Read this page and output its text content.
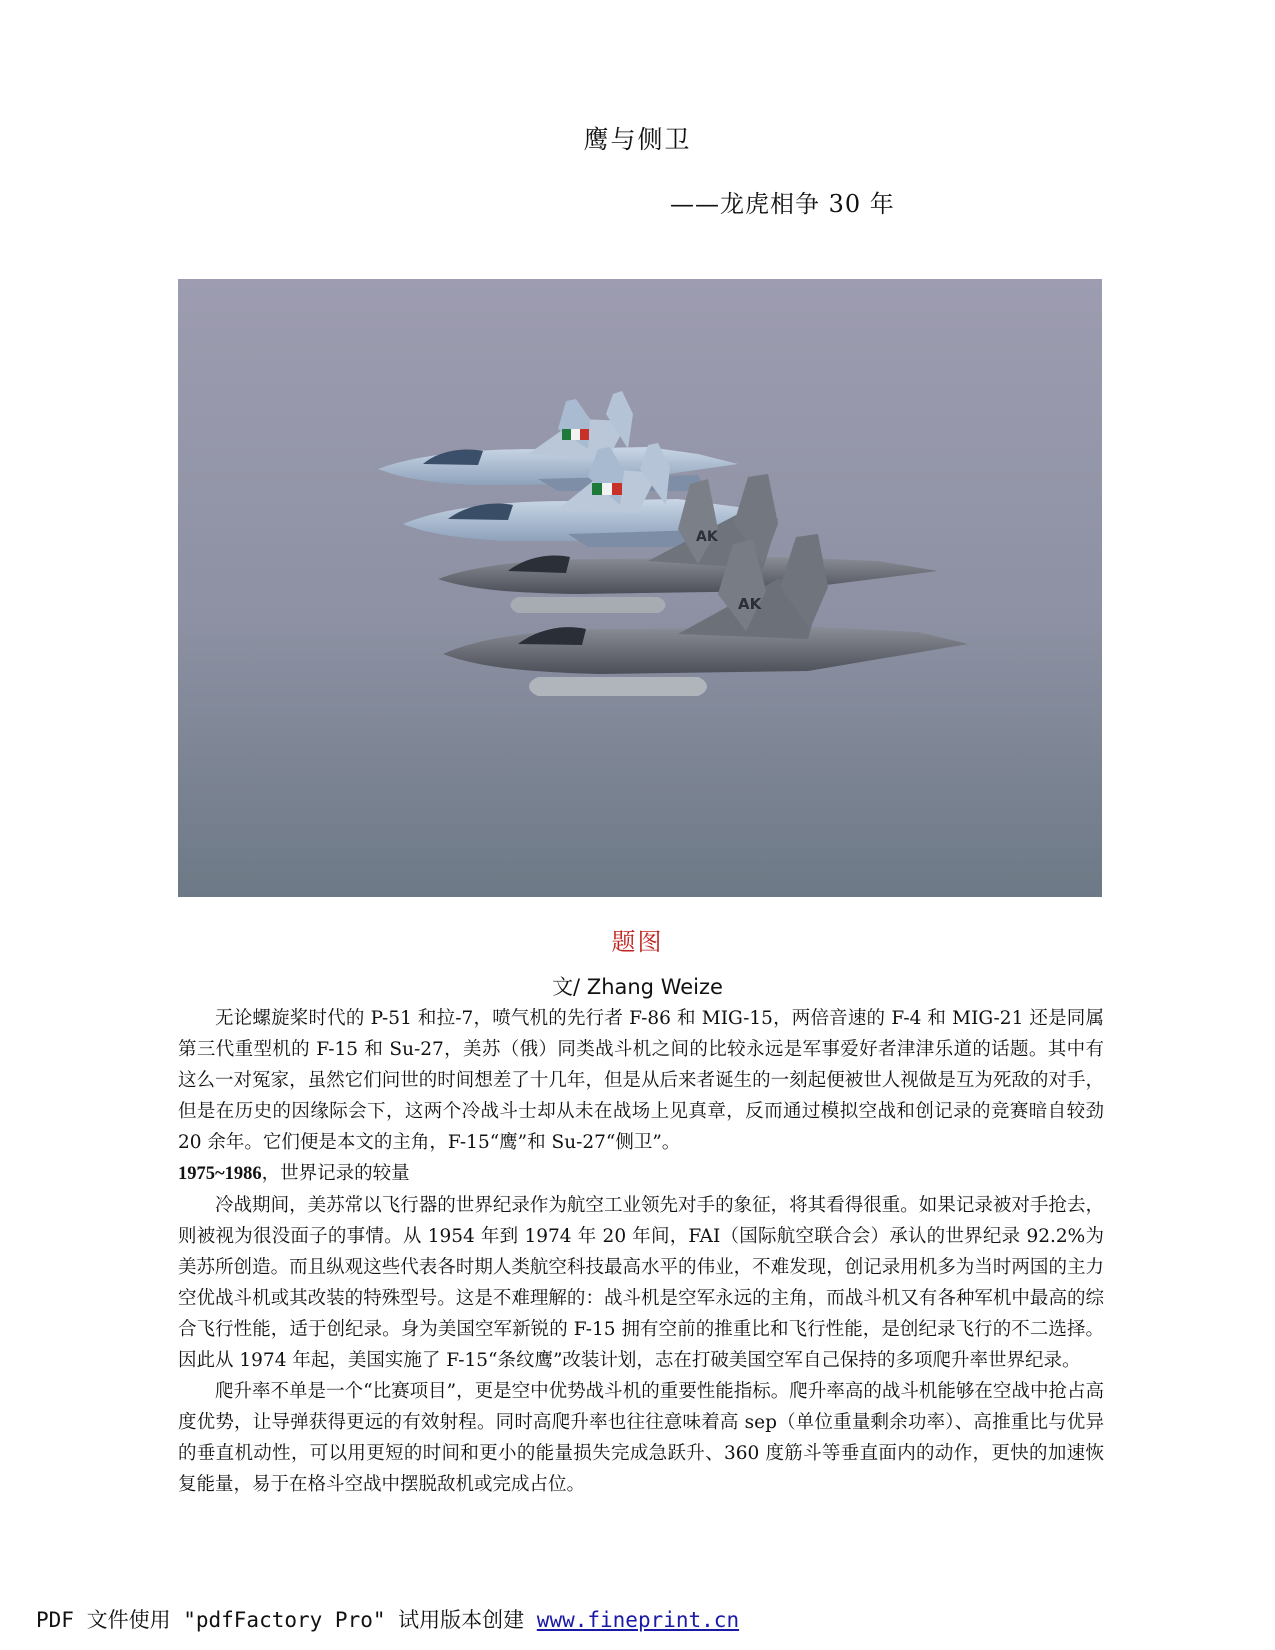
鹰与侧卫
——龙虎相争 30 年
AK
AK
题图
文/ Zhang Weize

无论螺旋桨时代的 P-51 和拉-7，喷气机的先行者 F-86 和 MIG-15，两倍音速的 F-4 和 MIG-21 还是同属第三代重型机的 F-15 和 Su-27，美苏（俄）同类战斗机之间的比较永远是军事爱好者津津乐道的话题。其中有这么一对冤家，虽然它们问世的时间想差了十几年，但是从后来者诞生的一刻起便被世人视做是互为死敌的对手，但是在历史的因缘际会下，这两个冷战斗士却从未在战场上见真章，反而通过模拟空战和创记录的竞赛暗自较劲 20 余年。它们便是本文的主角，F-15“鹰”和 Su-27“侧卫”。

1975~1986，世界记录的较量

冷战期间，美苏常以飞行器的世界纪录作为航空工业领先对手的象征，将其看得很重。如果记录被对手抢去，则被视为很没面子的事情。从 1954 年到 1974 年 20 年间，FAI（国际航空联合会）承认的世界纪录 92.2%为美苏所创造。而且纵观这些代表各时期人类航空科技最高水平的伟业，不难发现，创记录用机多为当时两国的主力空优战斗机或其改装的特殊型号。这是不难理解的：战斗机是空军永远的主角，而战斗机又有各种军机中最高的综合飞行性能，适于创纪录。身为美国空军新锐的 F-15 拥有空前的推重比和飞行性能，是创纪录飞行的不二选择。因此从 1974 年起，美国实施了 F-15“条纹鹰”改装计划，志在打破美国空军自己保持的多项爬升率世界纪录。

爬升率不单是一个“比赛项目”，更是空中优势战斗机的重要性能指标。爬升率高的战斗机能够在空战中抢占高度优势，让导弹获得更远的有效射程。同时高爬升率也往往意味着高 sep（单位重量剩余功率）、高推重比与优异的垂直机动性，可以用更短的时间和更小的能量损失完成急跃升、360 度筋斗等垂直面内的动作，更快的加速恢复能量，易于在格斗空战中摆脱敌机或完成占位。

PDF 文件使用 "pdfFactory Pro" 试用版本创建 www.fineprint.cn
